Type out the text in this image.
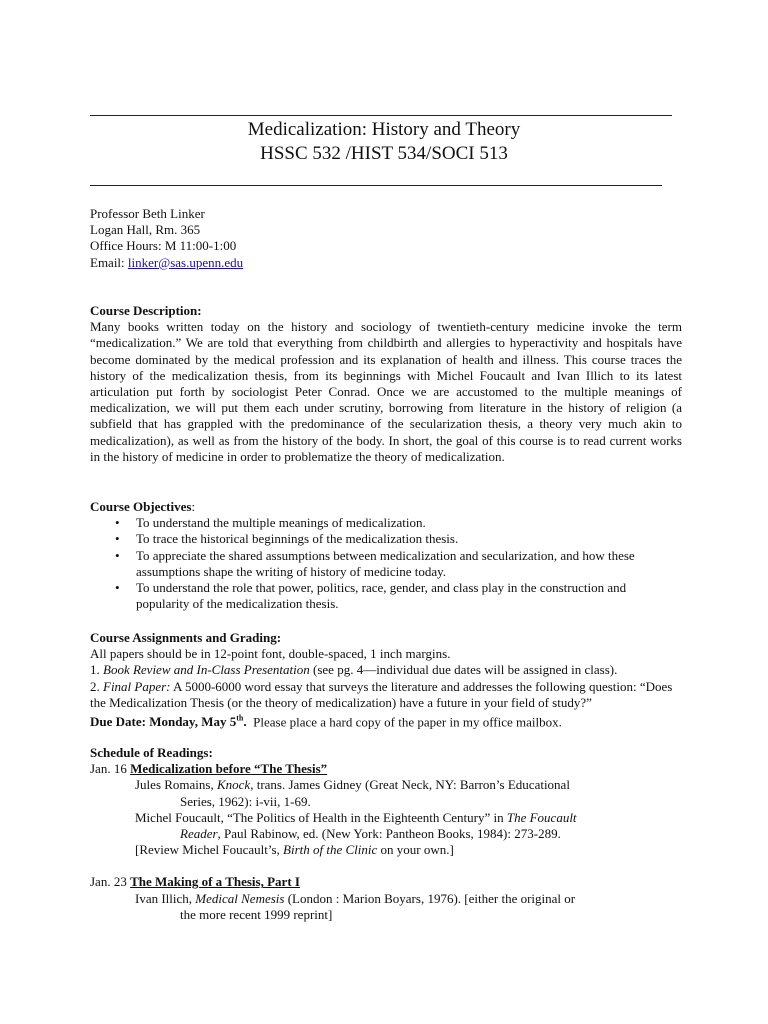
Medicalization: History and Theory
HSSC 532 /HIST 534/SOCI 513

Professor Beth Linker

Logan Hall, Rm. 365

Office Hours: M 11:00-1:00

Email: linker@sas.upenn.edu

Course Description:

Many books written today on the history and sociology of twentieth-century medicine invoke the term “medicalization.” We are told that everything from childbirth and allergies to hyperactivity and hospitals have become dominated by the medical profession and its explanation of health and illness. This course traces the history of the medicalization thesis, from its beginnings with Michel Foucault and Ivan Illich to its latest articulation put forth by sociologist Peter Conrad. Once we are accustomed to the multiple meanings of medicalization, we will put them each under scrutiny, borrowing from literature in the history of religion (a subfield that has grappled with the predominance of the secularization thesis, a theory very much akin to medicalization), as well as from the history of the body. In short, the goal of this course is to read current works in the history of medicine in order to problematize the theory of medicalization.

Course Objectives:

• To understand the multiple meanings of medicalization.
• To trace the historical beginnings of the medicalization thesis.
• To appreciate the shared assumptions between medicalization and secularization, and how these assumptions shape the writing of history of medicine today.
• To understand the role that power, politics, race, gender, and class play in the construction and popularity of the medicalization thesis.

Course Assignments and Grading:

All papers should be in 12-point font, double-spaced, 1 inch margins.

1. Book Review and In-Class Presentation (see pg. 4—individual due dates will be assigned in class).

2. Final Paper: A 5000-6000 word essay that surveys the literature and addresses the following question: “Does the Medicalization Thesis (or the theory of medicalization) have a future in your field of study?”

Due Date: Monday, May 5th.  Please place a hard copy of the paper in my office mailbox.

Schedule of Readings:

Jan. 16 Medicalization before “The Thesis”

Jules Romains, Knock, trans. James Gidney (Great Neck, NY: Barron’s Educational

Series, 1962): i-vii, 1-69.

Michel Foucault, “The Politics of Health in the Eighteenth Century” in The Foucault

Reader, Paul Rabinow, ed. (New York: Pantheon Books, 1984): 273-289.

[Review Michel Foucault’s, Birth of the Clinic on your own.]

Jan. 23 The Making of a Thesis, Part I

Ivan Illich, Medical Nemesis (London : Marion Boyars, 1976). [either the original or

the more recent 1999 reprint]
